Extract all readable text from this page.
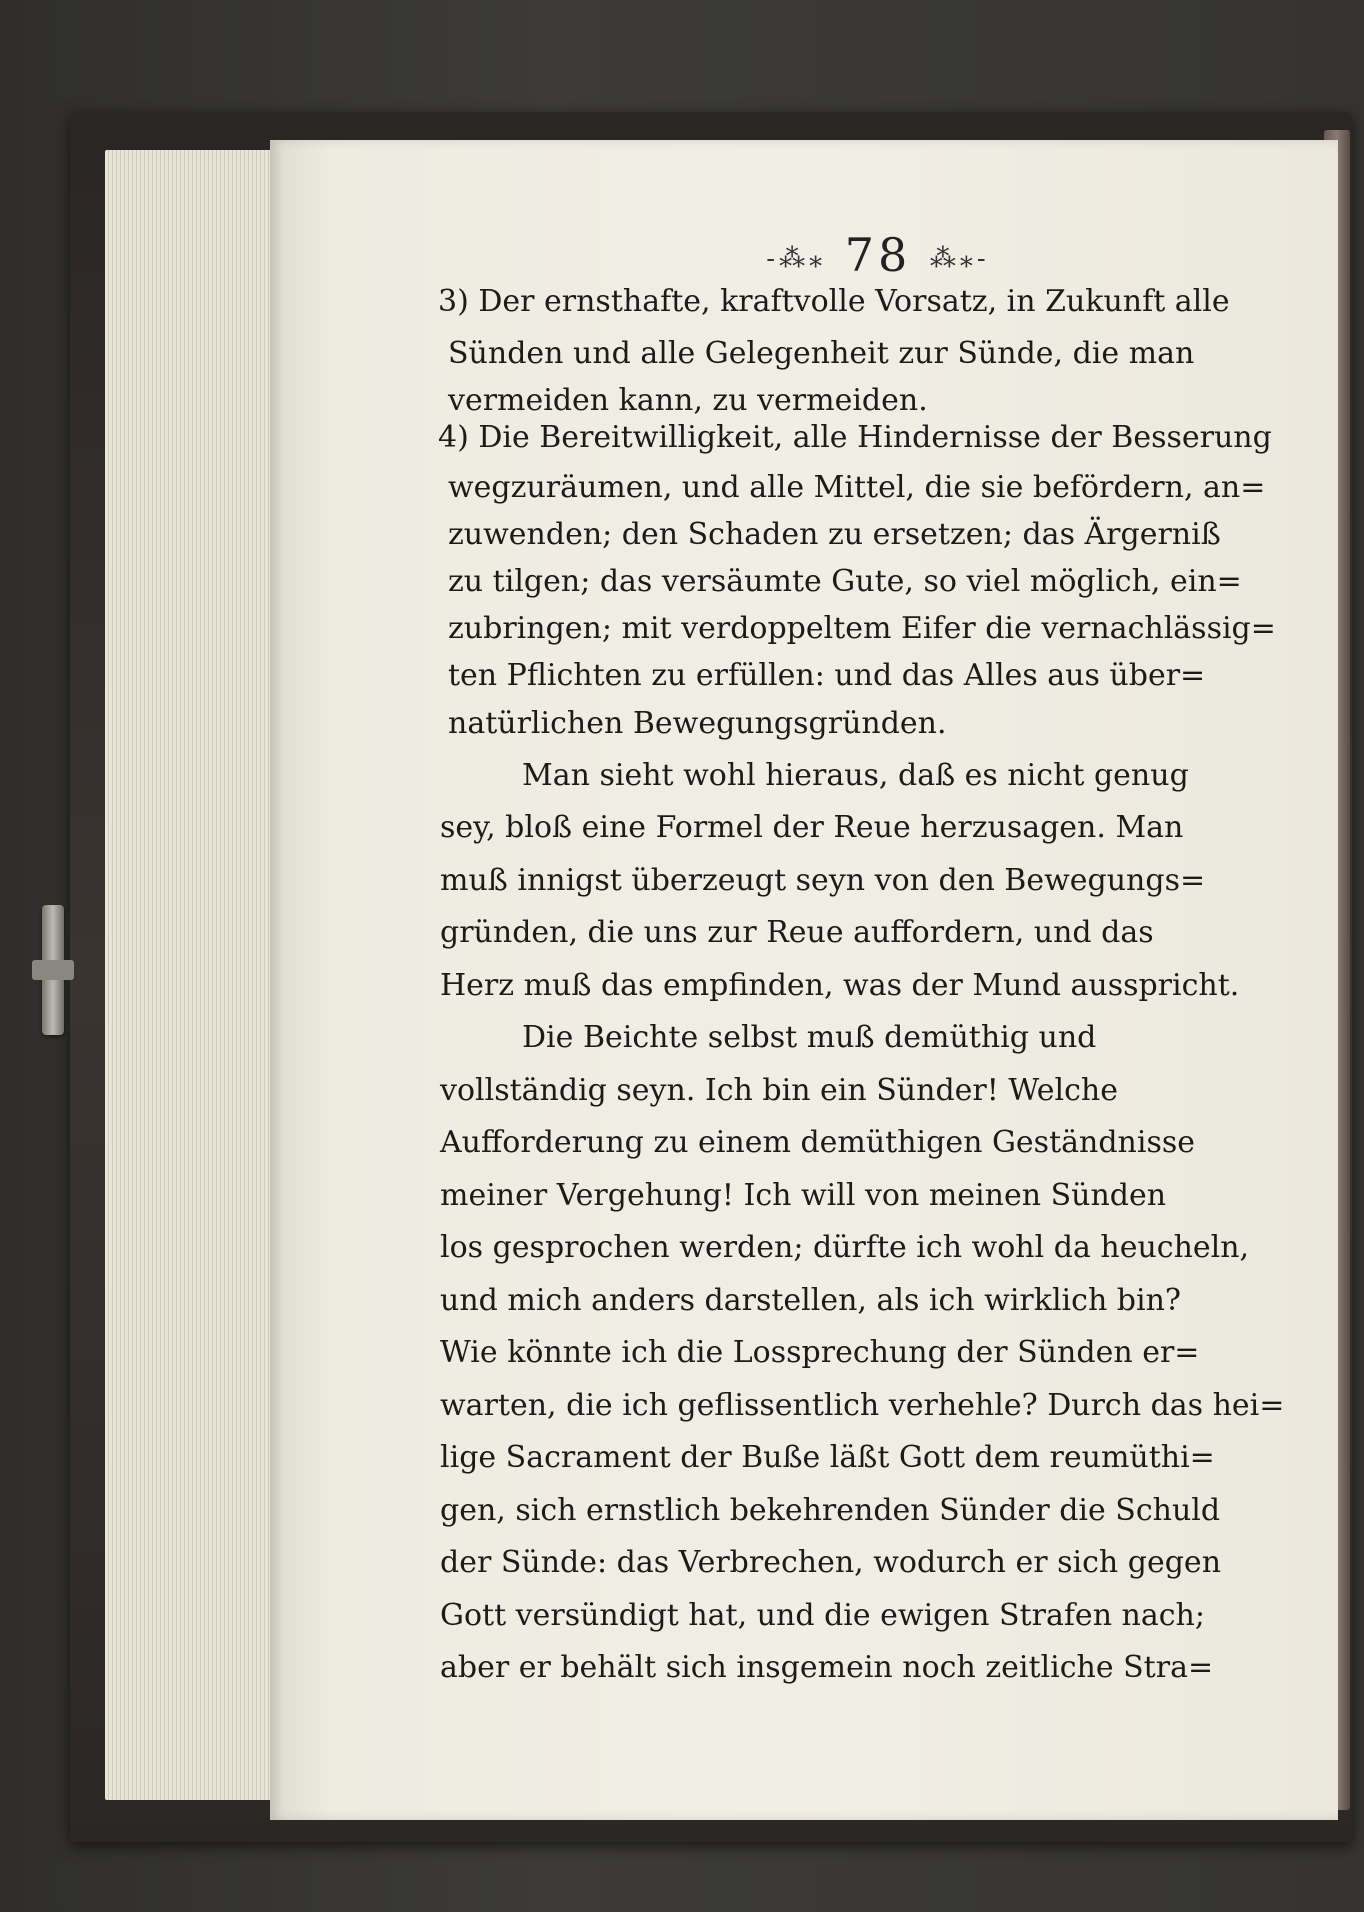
-⁂⁎ 78 ⁂⁎-
3) Der ernsthafte, kraftvolle Vorsatz, in Zukunft alle
Sünden und alle Gelegenheit zur Sünde, die man
vermeiden kann, zu vermeiden.
4) Die Bereitwilligkeit, alle Hindernisse der Besserung
wegzuräumen, und alle Mittel, die sie befördern, an=
zuwenden; den Schaden zu ersetzen; das Ärgerniß
zu tilgen; das versäumte Gute, so viel möglich, ein=
zubringen; mit verdoppeltem Eifer die vernachlässig=
ten Pflichten zu erfüllen: und das Alles aus über=
natürlichen Bewegungsgründen.
Man sieht wohl hieraus, daß es nicht genug
sey, bloß eine Formel der Reue herzusagen. Man
muß innigst überzeugt seyn von den Bewegungs=
gründen, die uns zur Reue auffordern, und das
Herz muß das empfinden, was der Mund ausspricht.
Die Beichte selbst muß demüthig und
vollständig seyn. Ich bin ein Sünder! Welche
Aufforderung zu einem demüthigen Geständnisse
meiner Vergehung! Ich will von meinen Sünden
los gesprochen werden; dürfte ich wohl da heucheln,
und mich anders darstellen, als ich wirklich bin?
Wie könnte ich die Lossprechung der Sünden er=
warten, die ich geflissentlich verhehle? Durch das hei=
lige Sacrament der Buße läßt Gott dem reumüthi=
gen, sich ernstlich bekehrenden Sünder die Schuld
der Sünde: das Verbrechen, wodurch er sich gegen
Gott versündigt hat, und die ewigen Strafen nach;
aber er behält sich insgemein noch zeitliche Stra=
